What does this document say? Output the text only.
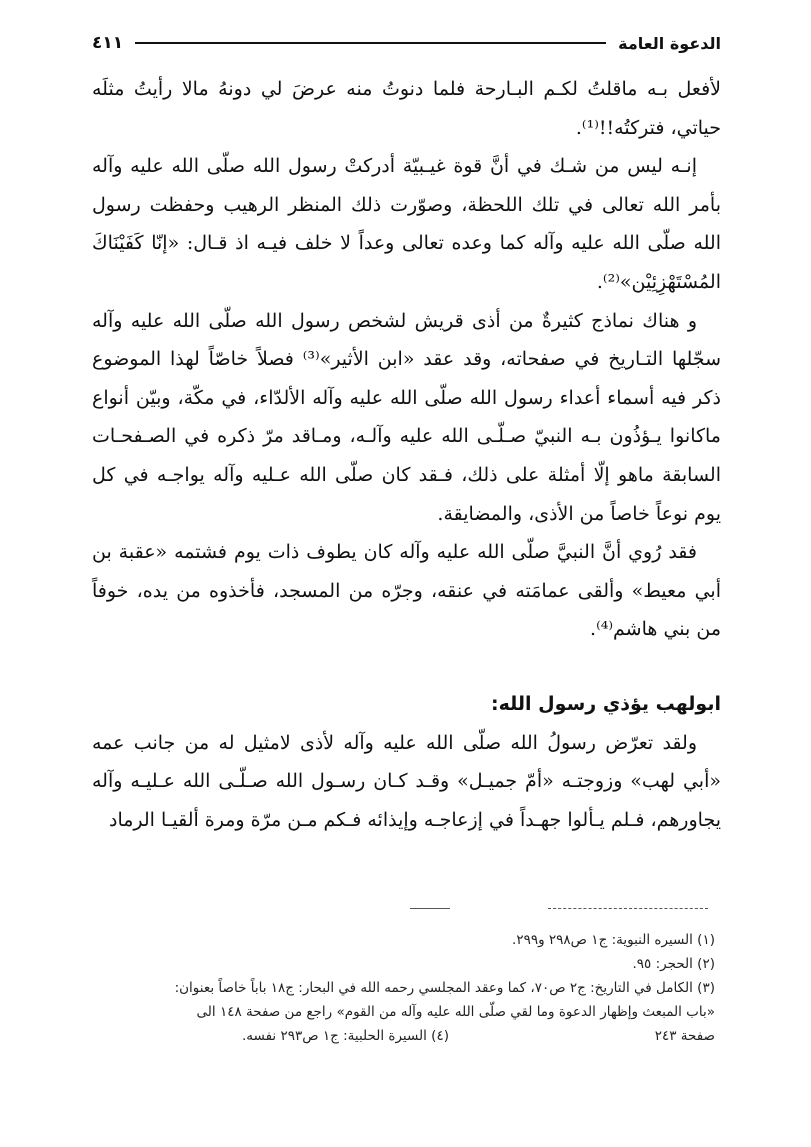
الدعوة العامة
٤١١

لأفعل بـه ماقلتُ لكـم البـارحة فلما دنوتُ منه عرضَ لي دونهُ مالا رأيتُ مثلَه حياتي، فتركتُه!!⁽¹⁾.

إنـه ليس من شـك في أنَّ قوة غيـبيّة أدركتْ رسول الله صلّى الله عليه وآله بأمر الله تعالى في تلك اللحظة، وصوّرت ذلك المنظر الرهيب وحفظت رسول الله صلّى الله عليه وآله كما وعده تعالى وعداً لا خلف فيـه اذ قـال: «إنّا كَفَيْنَاكَ المُسْتَهْزِئِيْن»⁽²⁾.

و هناك نماذج كثيرةٌ من أذى قريش لشخص رسول الله صلّى الله عليه وآله سجّلها التـاريخ في صفحاته، وقد عقد «ابن الأثير»⁽³⁾ فصلاً خاصّاً لهذا الموضوع ذكر فيه أسماء أعداء رسول الله صلّى الله عليه وآله الألدّاء، في مكّة، وبيّن أنواع ماكانوا يـؤذُون بـه النبيّ صـلّـى الله عليه وآلـه، ومـاقد مرّ ذكره في الصـفحـات السابقة ماهو إلّا أمثلة على ذلك، فـقد كان صلّى الله عـليه وآله يواجـه في كل يوم نوعاً خاصاً من الأذى، والمضايقة.

فقد رُوي أنَّ النبيَّ صلّى الله عليه وآله كان يطوف ذات يوم فشتمه «عقبة بن أبي معيط» وألقى عمامَته في عنقه، وجرّه من المسجد، فأخذوه من يده، خوفاً من بني هاشم⁽⁴⁾.

ابولهب يؤذي رسول الله:

ولقد تعرّض رسولُ الله صلّى الله عليه وآله لأذى لامثيل له من جانب عمه «أبي لهب» وزوجتـه «أمّ جميـل» وقـد كـان رسـول الله صـلّـى الله عـليـه وآله يجاورهم، فـلم يـألوا جهـداً في إزعاجـه وإيذائه فـكم مـن مرّة ومرة ألقيـا الرماد

(١) السيره النبوية: ج١ ص٢٩٨ و٢٩٩.
(٢) الحجر: ٩٥.
(٣) الكامل في التاريخ: ج٢ ص٧٠، كما وعقد المجلسي رحمه الله في البحار: ج١٨ باباً خاصاً بعنوان:
«باب المبعث وإظهار الدعوة وما لقي صلّى الله عليه وآله من القوم» راجع من صفحة ١٤٨ الى
صفحة ٢٤٣
(٤) السيرة الحلبية: ج١ ص٢٩٣ نفسه.
